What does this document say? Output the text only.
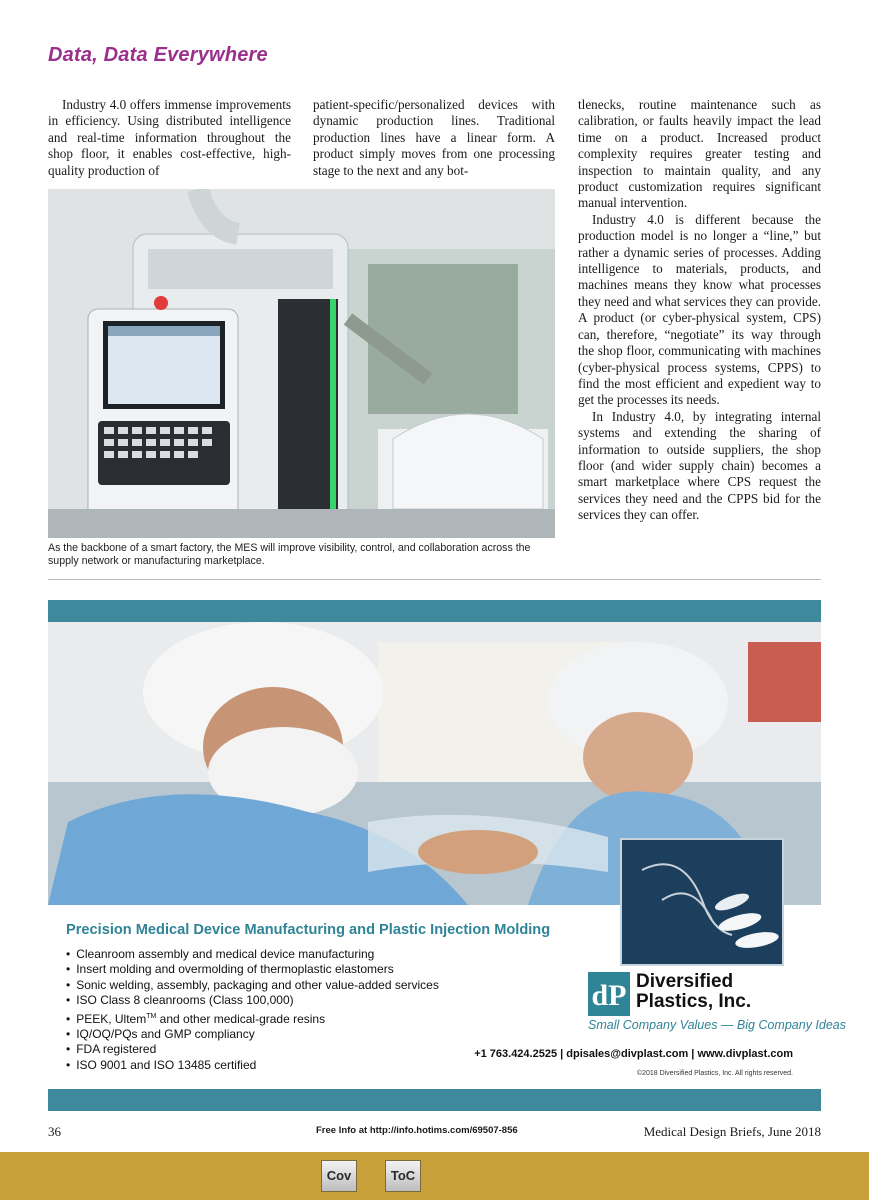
Data, Data Everywhere

Industry 4.0 offers immense improvements in efficiency. Using distributed intelligence and real-time information throughout the shop floor, it enables cost-effective, high-quality production of

patient-specific/personalized devices with dynamic production lines. Traditional production lines have a linear form. A product simply moves from one processing stage to the next and any bot-

tlenecks, routine maintenance such as calibration, or faults heavily impact the lead time on a product. Increased product complexity requires greater testing and inspection to maintain quality, and any product customization requires significant manual intervention.

Industry 4.0 is different because the production model is no longer a “line,” but rather a dynamic series of processes. Adding intelligence to materials, products, and machines means they know what processes they need and what services they can provide. A product (or cyber-physical system, CPS) can, therefore, “negotiate” its way through the shop floor, communicating with machines (cyber-physical process systems, CPPS) to find the most efficient and expedient way to get the processes its needs.

In Industry 4.0, by integrating internal systems and extending the sharing of information to outside suppliers, the shop floor (and wider supply chain) becomes a smart marketplace where CPS request the services they need and the CPPS bid for the services they can offer.

As the backbone of a smart factory, the MES will improve visibility, control, and collaboration across the supply network or manufacturing marketplace.
Precision Medical Device Manufacturing and Plastic Injection Molding
• Cleanroom assembly and medical device manufacturing
• Insert molding and overmolding of thermoplastic elastomers
• Sonic welding, assembly, packaging and other value-added services
• ISO Class 8 cleanrooms (Class 100,000)
• PEEK, Ultem™ and other medical-grade resins
• IQ/OQ/PQs and GMP compliancy
• FDA registered
• ISO 9001 and ISO 13485 certified
dP Diversified
Plastics, Inc.
Small Company Values — Big Company Ideas
+1 763.424.2525 | dpisales@divplast.com | www.divplast.com
©2018 Diversified Plastics, Inc. All rights reserved.
36	Free Info at http://info.hotims.com/69507-856	Medical Design Briefs, June 2018
Cov	ToC
